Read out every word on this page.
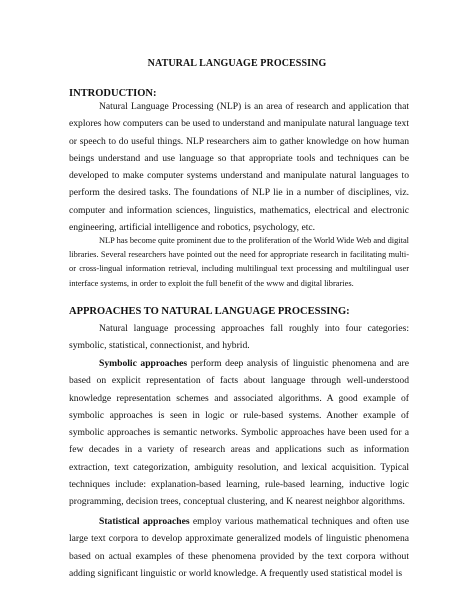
NATURAL LANGUAGE PROCESSING
INTRODUCTION:

Natural Language Processing (NLP) is an area of research and application that explores how computers can be used to understand and manipulate natural language text or speech to do useful things. NLP researchers aim to gather knowledge on how human beings understand and use language so that appropriate tools and techniques can be developed to make computer systems understand and manipulate natural languages to perform the desired tasks. The foundations of NLP lie in a number of disciplines, viz. computer and information sciences, linguistics, mathematics, electrical and electronic engineering, artificial intelligence and robotics, psychology, etc.

NLP has become quite prominent due to the proliferation of the World Wide Web and digital libraries. Several researchers have pointed out the need for appropriate research in facilitating multi- or cross-lingual information retrieval, including multilingual text processing and multilingual user interface systems, in order to exploit the full benefit of the www and digital libraries.

APPROACHES TO NATURAL LANGUAGE PROCESSING:

Natural language processing approaches fall roughly into four categories: symbolic, statistical, connectionist, and hybrid.

Symbolic approaches perform deep analysis of linguistic phenomena and are based on explicit representation of facts about language through well-understood knowledge representation schemes and associated algorithms. A good example of symbolic approaches is seen in logic or rule-based systems. Another example of symbolic approaches is semantic networks. Symbolic approaches have been used for a few decades in a variety of research areas and applications such as information extraction, text categorization, ambiguity resolution, and lexical acquisition. Typical techniques include: explanation-based learning, rule-based learning, inductive logic programming, decision trees, conceptual clustering, and K nearest neighbor algorithms.

Statistical approaches employ various mathematical techniques and often use large text corpora to develop approximate generalized models of linguistic phenomena based on actual examples of these phenomena provided by the text corpora without adding significant linguistic or world knowledge. A frequently used statistical model is
